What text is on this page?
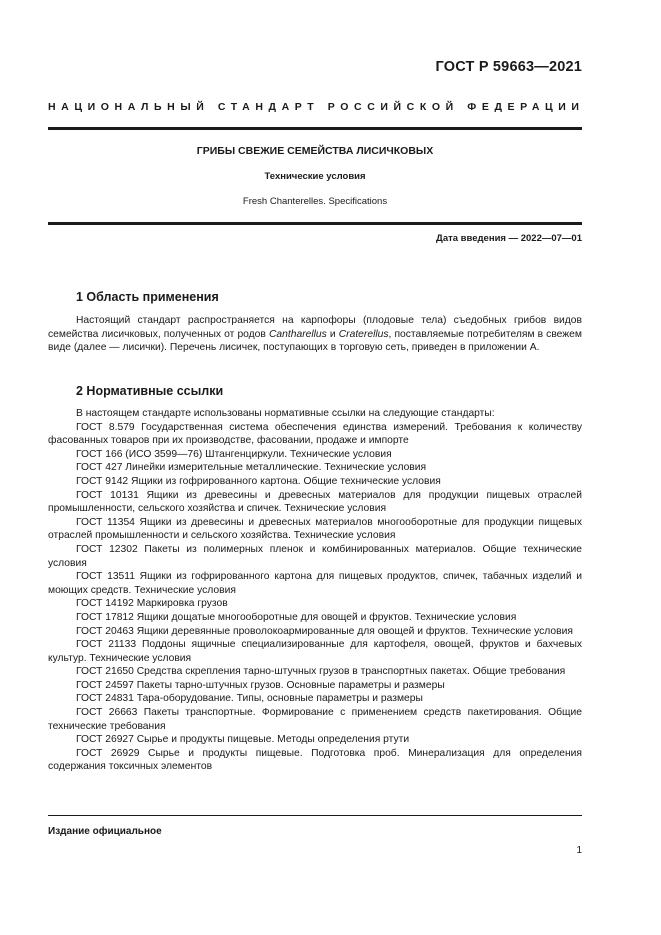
ГОСТ Р 59663—2021
НАЦИОНАЛЬНЫЙ СТАНДАРТ РОССИЙСКОЙ ФЕДЕРАЦИИ
ГРИБЫ СВЕЖИЕ СЕМЕЙСТВА ЛИСИЧКОВЫХ
Технические условия
Fresh Chanterelles. Specifications
Дата введения — 2022—07—01
1 Область применения

Настоящий стандарт распространяется на карпофоры (плодовые тела) съедобных грибов видов семейства лисичковых, полученных от родов Cantharellus и Craterellus, поставляемые потребителям в свежем виде (далее — лисички). Перечень лисичек, поступающих в торговую сеть, приведен в приложении А.

2 Нормативные ссылки

В настоящем стандарте использованы нормативные ссылки на следующие стандарты:

ГОСТ 8.579 Государственная система обеспечения единства измерений. Требования к количеству фасованных товаров при их производстве, фасовании, продаже и импорте

ГОСТ 166 (ИСО 3599—76) Штангенциркули. Технические условия

ГОСТ 427 Линейки измерительные металлические. Технические условия

ГОСТ 9142 Ящики из гофрированного картона. Общие технические условия

ГОСТ 10131 Ящики из древесины и древесных материалов для продукции пищевых отраслей промышленности, сельского хозяйства и спичек. Технические условия

ГОСТ 11354 Ящики из древесины и древесных материалов многооборотные для продукции пищевых отраслей промышленности и сельского хозяйства. Технические условия

ГОСТ 12302 Пакеты из полимерных пленок и комбинированных материалов. Общие технические условия

ГОСТ 13511 Ящики из гофрированного картона для пищевых продуктов, спичек, табачных изделий и моющих средств. Технические условия

ГОСТ 14192 Маркировка грузов

ГОСТ 17812 Ящики дощатые многооборотные для овощей и фруктов. Технические условия

ГОСТ 20463 Ящики деревянные проволокоармированные для овощей и фруктов. Технические условия

ГОСТ 21133 Поддоны ящичные специализированные для картофеля, овощей, фруктов и бахчевых культур. Технические условия

ГОСТ 21650 Средства скрепления тарно-штучных грузов в транспортных пакетах. Общие требования

ГОСТ 24597 Пакеты тарно-штучных грузов. Основные параметры и размеры

ГОСТ 24831 Тара-оборудование. Типы, основные параметры и размеры

ГОСТ 26663 Пакеты транспортные. Формирование с применением средств пакетирования. Общие технические требования

ГОСТ 26927 Сырье и продукты пищевые. Методы определения ртути

ГОСТ 26929 Сырье и продукты пищевые. Подготовка проб. Минерализация для определения содержания токсичных элементов

Издание официальное
1
